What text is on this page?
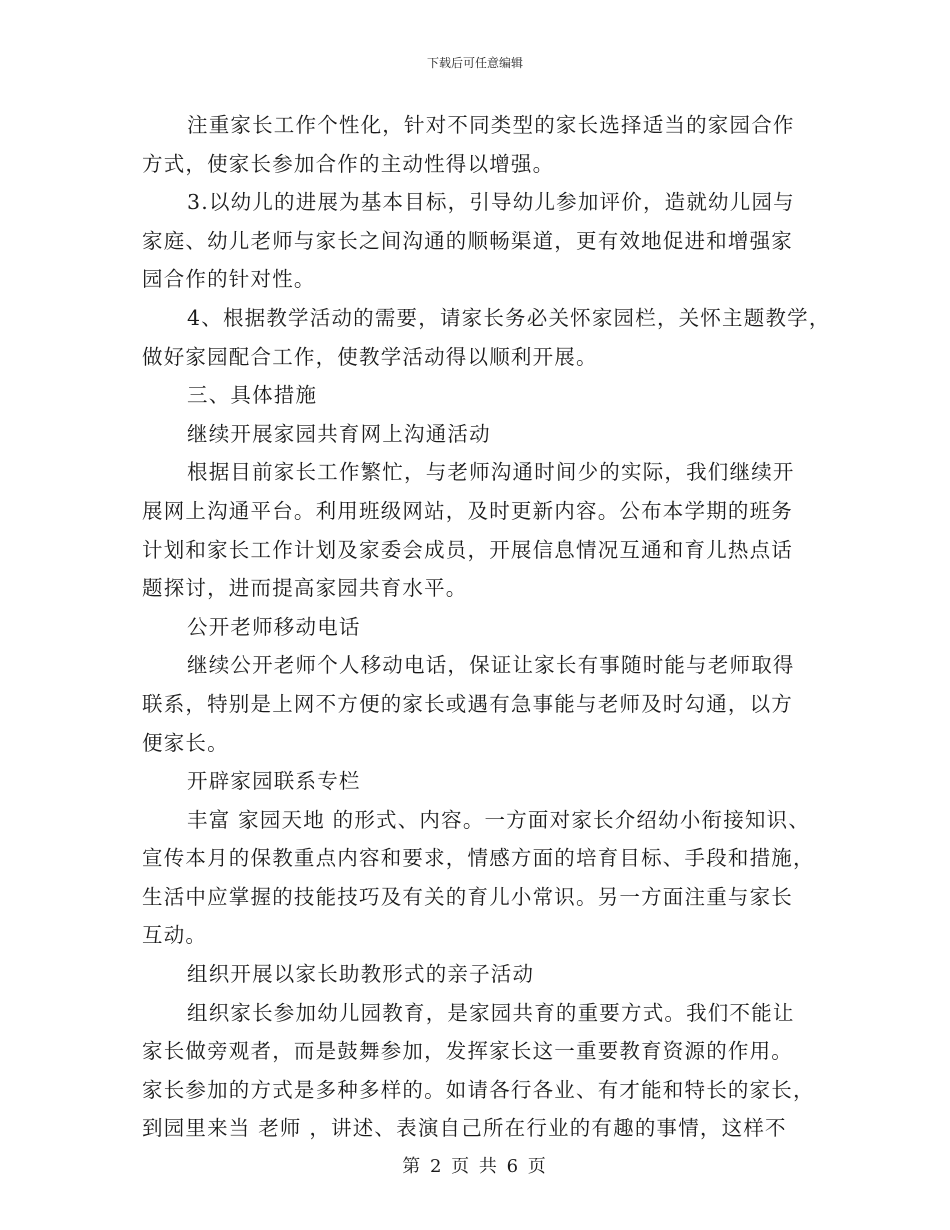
下载后可任意编辑
注重家长工作个性化，针对不同类型的家长选择适当的家园合作
方式，使家长参加合作的主动性得以增强。
3.以幼儿的进展为基本目标，引导幼儿参加评价，造就幼儿园与
家庭、幼儿老师与家长之间沟通的顺畅渠道，更有效地促进和增强家
园合作的针对性。
4、根据教学活动的需要，请家长务必关怀家园栏，关怀主题教学，
做好家园配合工作，使教学活动得以顺利开展。
三、具体措施
继续开展家园共育网上沟通活动
根据目前家长工作繁忙，与老师沟通时间少的实际，我们继续开
展网上沟通平台。利用班级网站，及时更新内容。公布本学期的班务
计划和家长工作计划及家委会成员，开展信息情况互通和育儿热点话
题探讨，进而提高家园共育水平。
公开老师移动电话
继续公开老师个人移动电话，保证让家长有事随时能与老师取得
联系，特别是上网不方便的家长或遇有急事能与老师及时勾通，以方
便家长。
开辟家园联系专栏
丰富 家园天地 的形式、内容。一方面对家长介绍幼小衔接知识、
宣传本月的保教重点内容和要求，情感方面的培育目标、手段和措施，
生活中应掌握的技能技巧及有关的育儿小常识。另一方面注重与家长
互动。
组织开展以家长助教形式的亲子活动
组织家长参加幼儿园教育，是家园共育的重要方式。我们不能让
家长做旁观者，而是鼓舞参加，发挥家长这一重要教育资源的作用。
家长参加的方式是多种多样的。如请各行各业、有才能和特长的家长，
到园里来当 老师 ，讲述、表演自己所在行业的有趣的事情，这样不
第 2 页 共 6 页
